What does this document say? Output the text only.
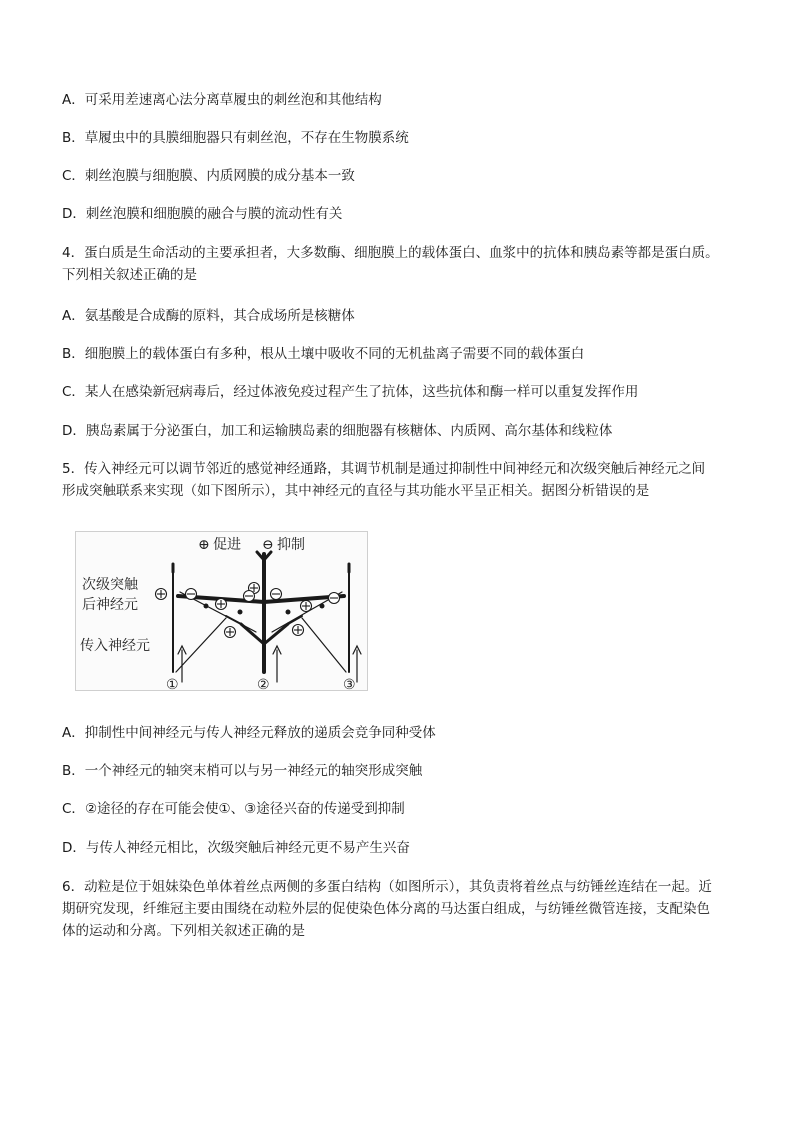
A．可采用差速离心法分离草履虫的刺丝泡和其他结构
B．草履虫中的具膜细胞器只有刺丝泡，不存在生物膜系统
C．刺丝泡膜与细胞膜、内质网膜的成分基本一致
D．刺丝泡膜和细胞膜的融合与膜的流动性有关
4．蛋白质是生命活动的主要承担者，大多数酶、细胞膜上的载体蛋白、血浆中的抗体和胰岛素等都是蛋白质。
下列相关叙述正确的是
A．氨基酸是合成酶的原料，其合成场所是核糖体
B．细胞膜上的载体蛋白有多种，根从土壤中吸收不同的无机盐离子需要不同的载体蛋白
C．某人在感染新冠病毒后，经过体液免疫过程产生了抗体，这些抗体和酶一样可以重复发挥作用
D．胰岛素属于分泌蛋白，加工和运输胰岛素的细胞器有核糖体、内质网、高尔基体和线粒体
5．传入神经元可以调节邻近的感觉神经通路，其调节机制是通过抑制性中间神经元和次级突触后神经元之间
形成突触联系来实现（如下图所示），其中神经元的直径与其功能水平呈正相关。据图分析错误的是
⊕ 促进 ⊖ 抑制
次级突触
后神经元
传入神经元
①	②	③
A．抑制性中间神经元与传人神经元释放的递质会竞争同种受体
B．一个神经元的轴突末梢可以与另一神经元的轴突形成突触
C．②途径的存在可能会使①、③途径兴奋的传递受到抑制
D．与传人神经元相比，次级突触后神经元更不易产生兴奋
6．动粒是位于姐妹染色单体着丝点两侧的多蛋白结构（如图所示），其负责将着丝点与纺锤丝连结在一起。近
期研究发现，纤维冠主要由围绕在动粒外层的促使染色体分离的马达蛋白组成，与纺锤丝微管连接，支配染色
体的运动和分离。下列相关叙述正确的是
